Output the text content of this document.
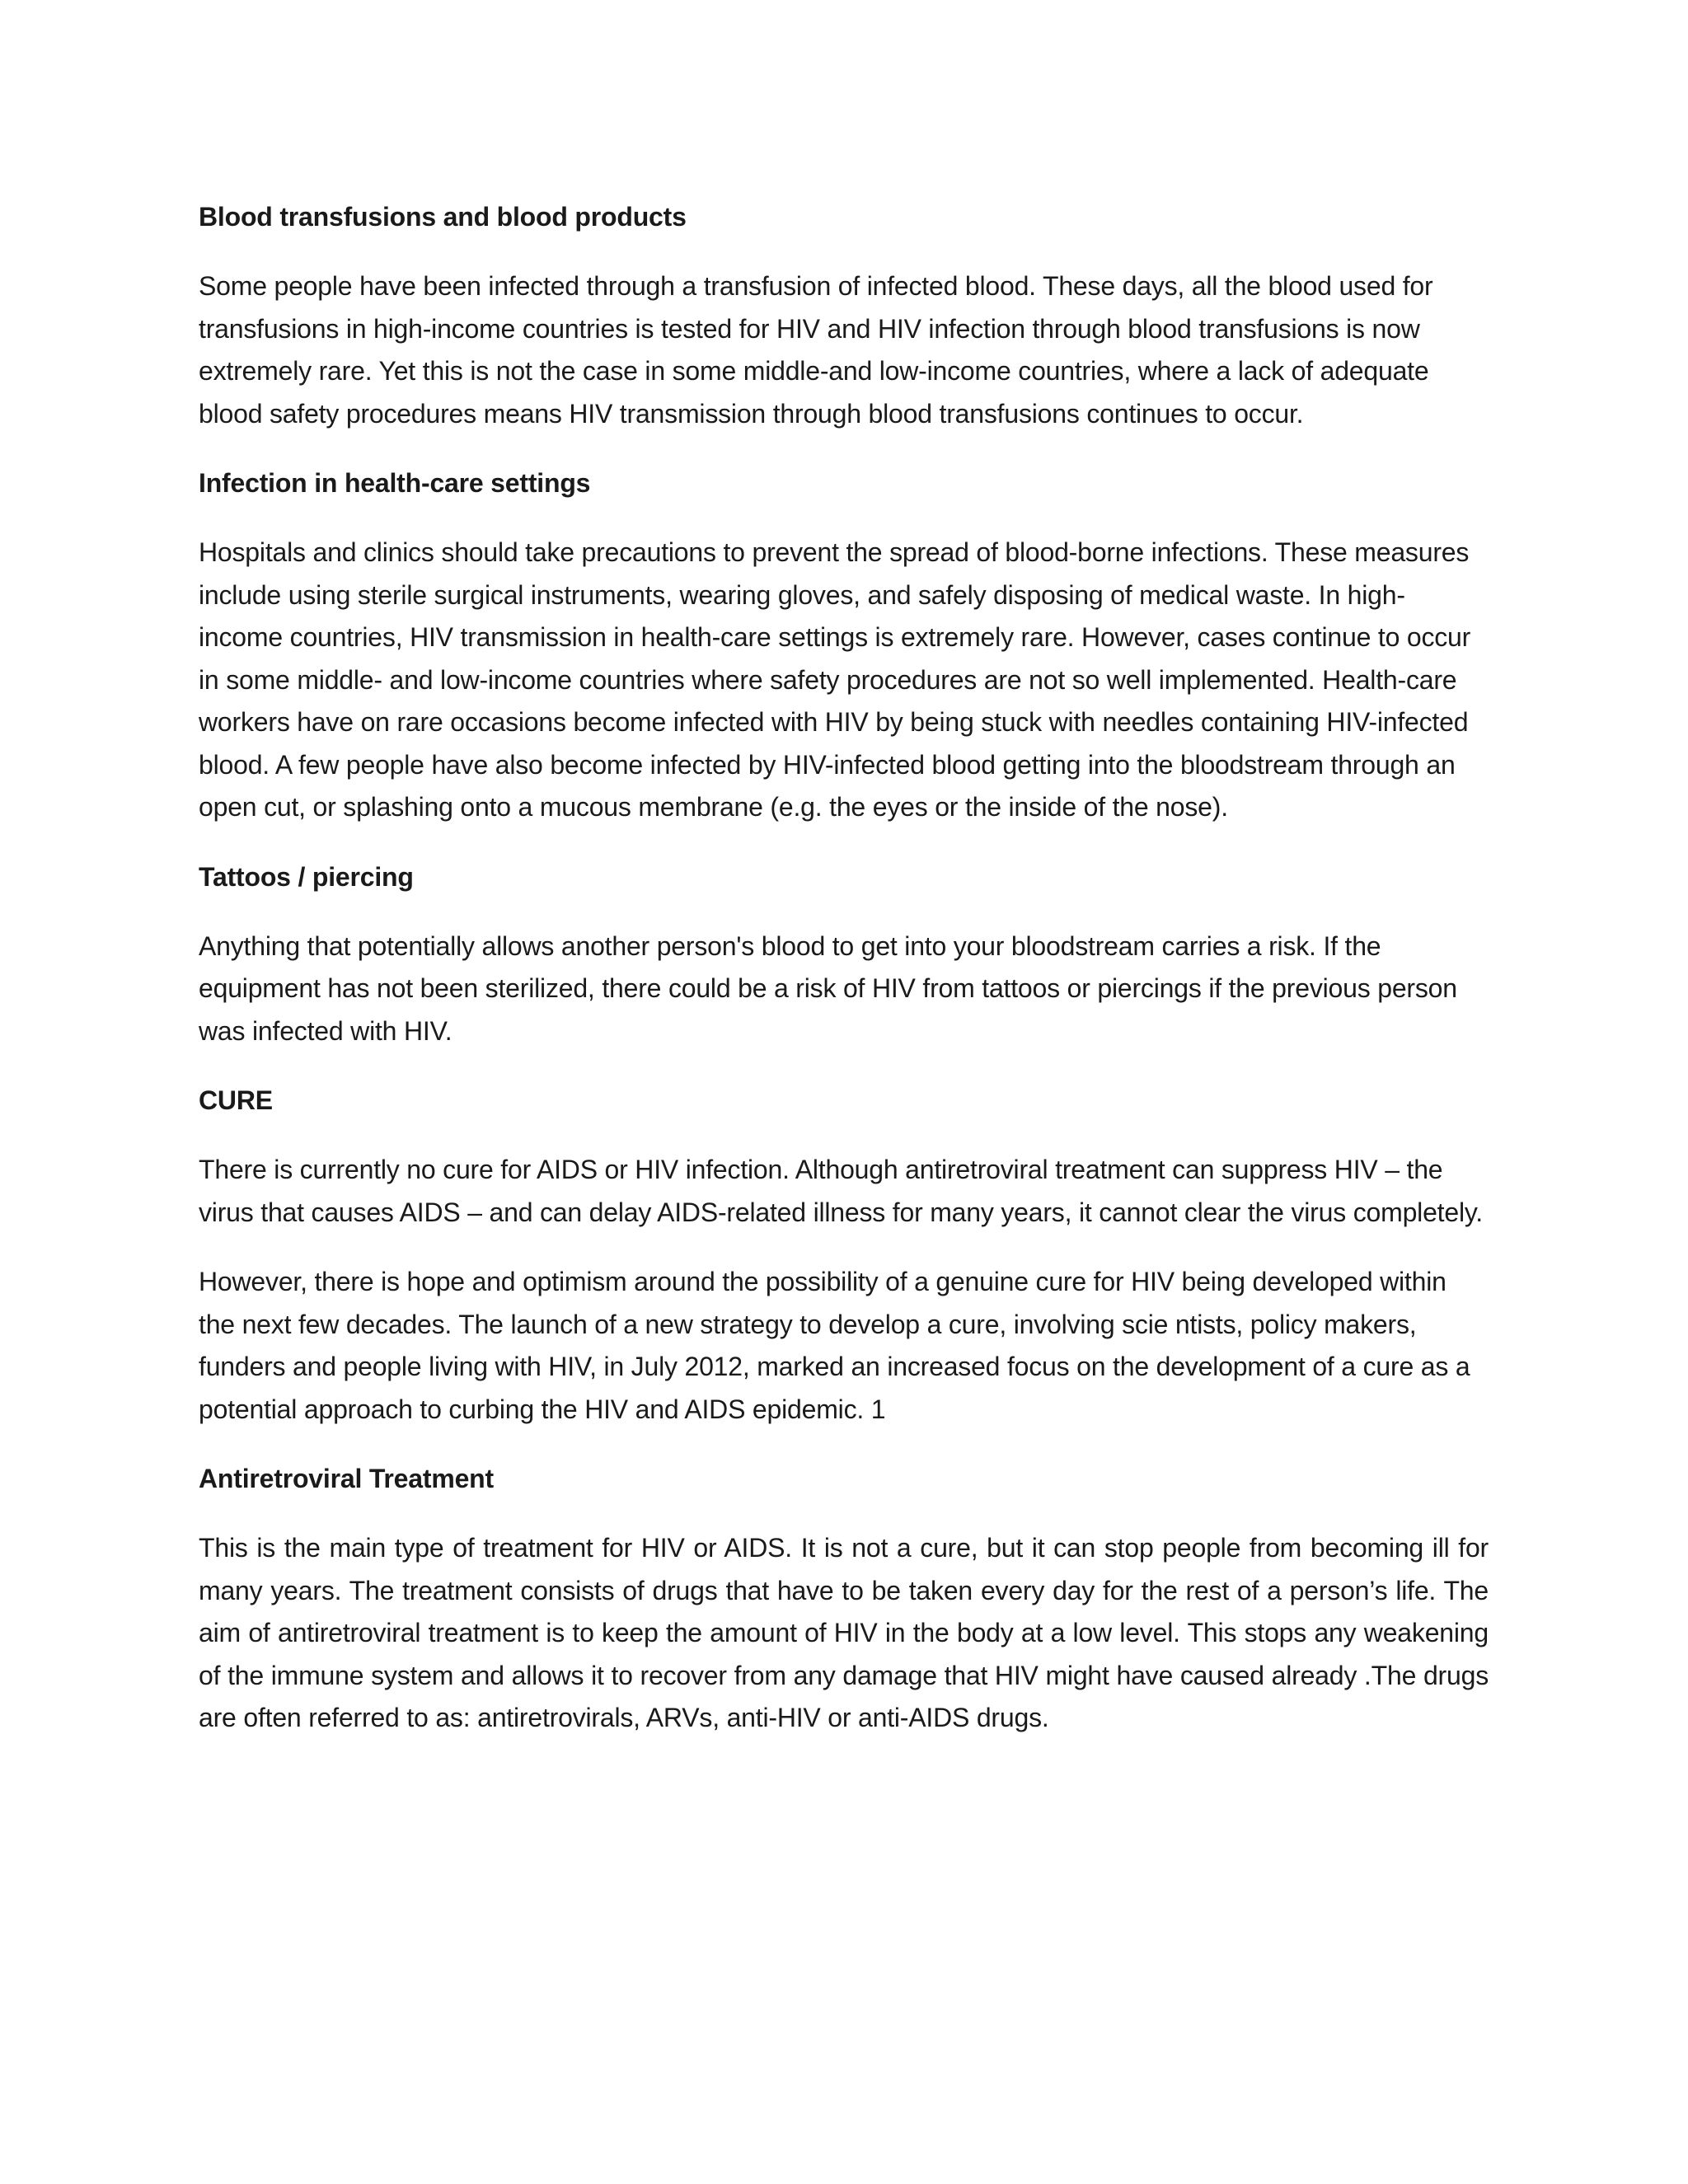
Blood transfusions and blood products

Some people have been infected through a transfusion of infected blood. These days, all the blood used for transfusions in high-income countries is tested for HIV and HIV infection through blood transfusions is now extremely rare. Yet this is not the case in some middle-and low-income countries, where a lack of adequate blood safety procedures means HIV transmission through blood transfusions continues to occur.

Infection in health-care settings

Hospitals and clinics should take precautions to prevent the spread of blood-borne infections. These measures include using sterile surgical instruments, wearing gloves, and safely disposing of medical waste. In high-income countries, HIV transmission in health-care settings is extremely rare. However, cases continue to occur in some middle- and low-income countries where safety procedures are not so well implemented. Health-care workers have on rare occasions become infected with HIV by being stuck with needles containing HIV-infected blood. A few people have also become infected by HIV-infected blood getting into the bloodstream through an open cut, or splashing onto a mucous membrane (e.g. the eyes or the inside of the nose).

Tattoos / piercing

Anything that potentially allows another person's blood to get into your bloodstream carries a risk. If the equipment has not been sterilized, there could be a risk of HIV from tattoos or piercings if the previous person was infected with HIV.

CURE

There is currently no cure for AIDS or HIV infection. Although antiretroviral treatment can suppress HIV – the virus that causes AIDS – and can delay AIDS-related illness for many years, it cannot clear the virus completely.

However, there is hope and optimism around the possibility of a genuine cure for HIV being developed within the next few decades. The launch of a new strategy to develop a cure, involving scie ntists, policy makers, funders and people living with HIV, in July 2012, marked an increased focus on the development of a cure as a potential approach to curbing the HIV and AIDS epidemic. 1

Antiretroviral Treatment

This is the main type of treatment for HIV or AIDS. It is not a cure, but it can stop people from becoming ill for many years. The treatment consists of drugs that have to be taken every day for the rest of a person’s life. The aim of antiretroviral treatment is to keep the amount of HIV in the body at a low level. This stops any weakening of the immune system and allows it to recover from any damage that HIV might have caused already .The drugs are often referred to as: antiretrovirals, ARVs, anti-HIV or anti-AIDS drugs.
